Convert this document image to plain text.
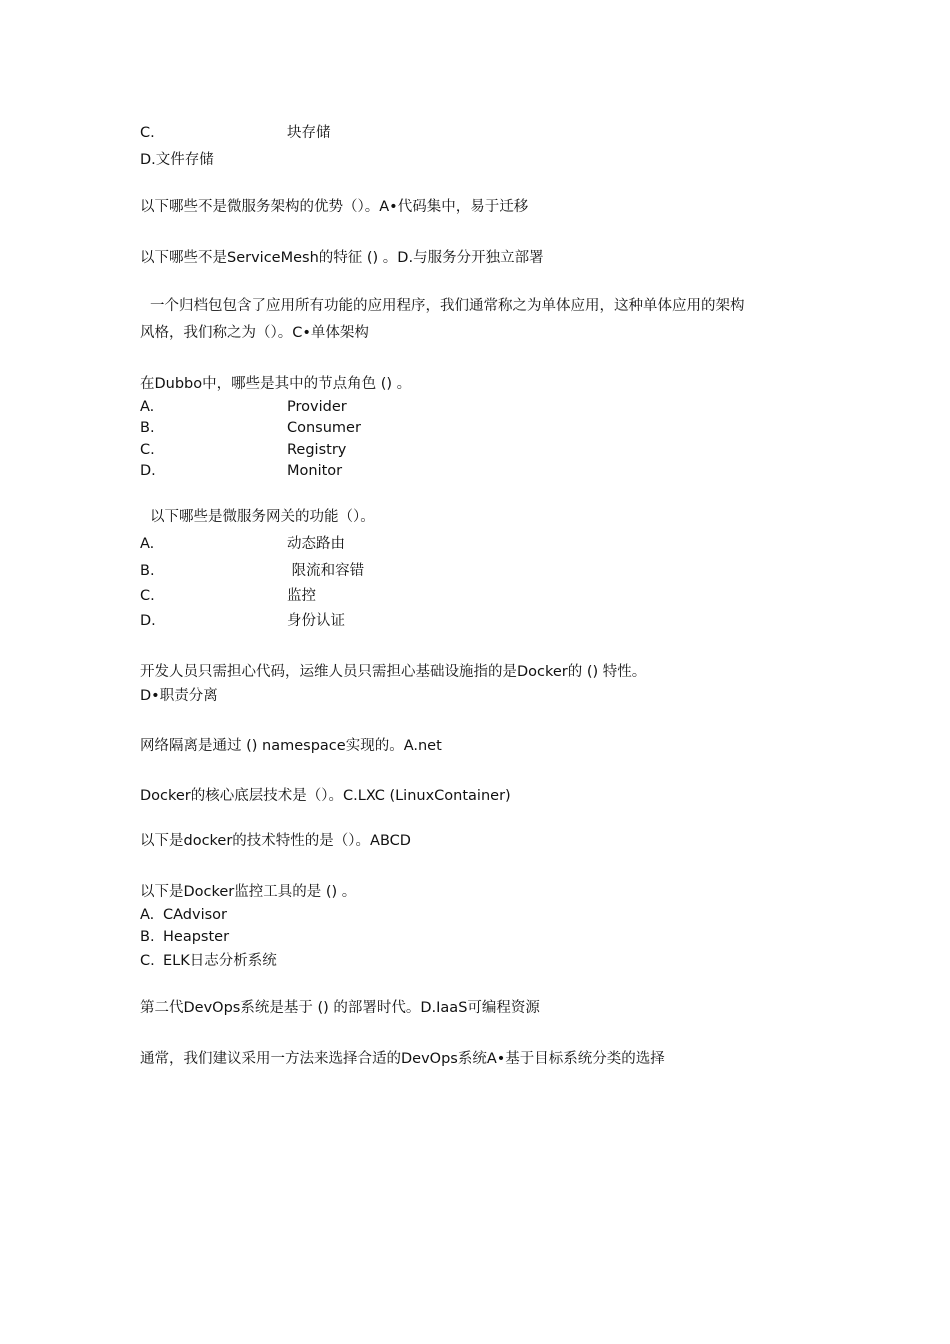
C.	块存储
D.文件存储
以下哪些不是微服务架构的优势（）。A•代码集中，易于迁移
以下哪些不是ServiceMesh的特征 () 。D.与服务分开独立部署
一个归档包包含了应用所有功能的应用程序，我们通常称之为单体应用，这种单体应用的架构
风格，我们称之为（）。C•单体架构
在Dubbo中，哪些是其中的节点角色 () 。
A.	Provider
B.	Consumer
C.	Registry
D.	Monitor
以下哪些是微服务网关的功能（）。
A.	动态路由
B.	限流和容错
C.	监控
D.	身份认证
开发人员只需担心代码，运维人员只需担心基础设施指的是Docker的 () 特性。
D•职责分离
网络隔离是通过 () namespace实现的。A.net
Docker的核心底层技术是（）。C.LXC (LinuxContainer)
以下是docker的技术特性的是（）。ABCD
以下是Docker监控工具的是 () 。
A. CAdvisor
B. Heapster
C. ELK日志分析系统
第二代DevOps系统是基于 () 的部署时代。D.IaaS可编程资源
通常，我们建议采用一方法来选择合适的DevOps系统A•基于目标系统分类的选择
